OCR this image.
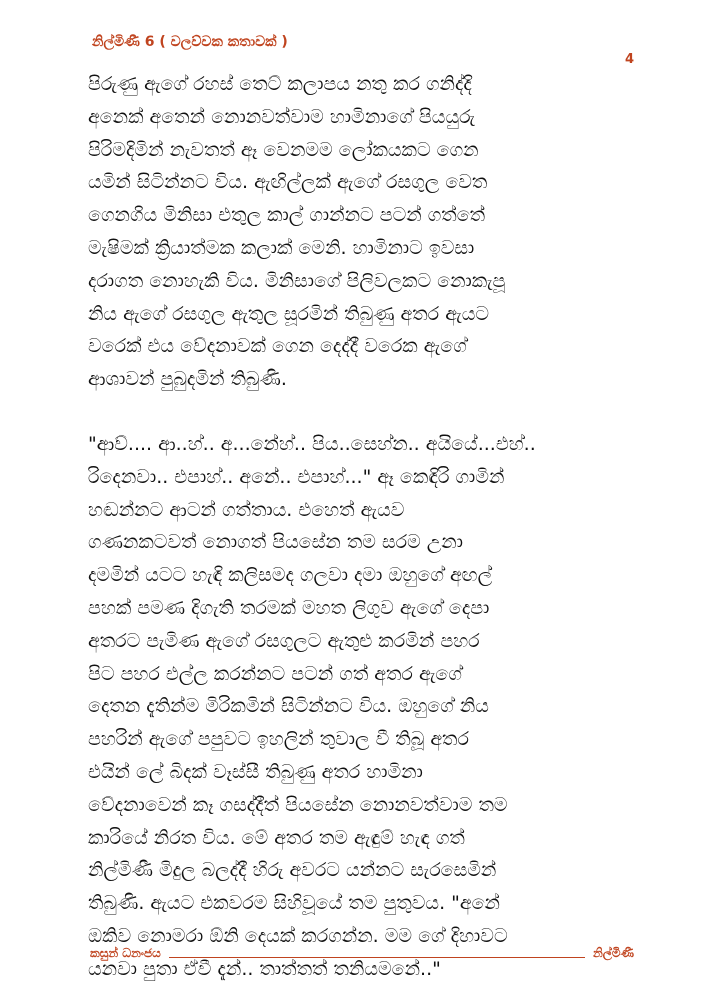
නිල්මිණී 6 ( වලව්වක කතාවක් )
4
පිරුණු ඇගේ රහස් තෙට් කලාපය නතු කර ගනිද්දි
අනෙක් අතෙන් නොනවත්වාම හාමිනාගේ පියයුරු
පිරිමදිමින් නැවතත් ඈ වෙනමම ලෝකයකට ගෙන
යමින් සිටින්නට විය. ඇඟිල්ලක් ඇගේ රසගුල වෙත
ගෙනගිය මිනිසා එතුල කාල් ගාන්නට පටන් ගත්තේ
මැෂිමක් ක්‍රියාත්මක කලාක් මෙනි. හාමිනාට ඉවසා
දරාගත නොහැකි විය. මිනිසාගේ පිලිවලකට නොකැපූ
නිය ඇගේ රසගුල ඇතුල සූරමින් තිබුණු අතර ඇයට
වරෙක් එය වේදනාවක් ගෙන දෙද්දී වරෙක ඇගේ
ආශාවන් පුබුදමින් තිබුණි.
"ආව්.... ආ..හ්.. අ...නේහ්.. පිය..සෙහ්න.. අයියේ...එහ්..
රිදෙනවා.. එපාහ්.. අනේ.. එපාහ්..." ඈ කෙඳිරි ගාමින්
හඬන්නට ආටන් ගත්තාය. එහෙත් ඇයව
ගණනකටවත් නොගත් පියසේන තම සරම උනා
දමමින් යටට හැඳි කලිසමද ගලවා දමා ඔහුගේ අඟල්
පහක් පමණ දිගැති තරමක් මහත ලිගුව ඇගේ දෙපා
අතරට පැමිණ ඇගේ රසගුලට ඇතුළු කරමින් පහර
පිට පහර එල්ල කරන්නට පටන් ගත් අතර ඇගේ
දෙතන දැතින්ම මිරිකමින් සිටින්නට විය. ඔහුගේ නිය
පහරින් ඇගේ පපුවට ඉහලින් තුවාල වී තිබූ අතර
එයින් ලේ බිදක් වෑස්සී තිබුණු අතර හාමිනා
වේදනාවෙන් කෑ ගසද්දීත් පියසේන නොනවත්වාම තම
කාරියේ නිරත විය. මේ අතර තම ඇඳුම් හැඳ ගත්
නිල්මිණී මිදුල බලද්දී හිරු අවරට යන්නට සැරසෙමින්
තිබුණි. ඇයට එකවරම සිහිවූයේ තම පුතුවය. "අනේ
ඔකිව නොමරා ඕනි දෙයක් කරගන්න. මම ගේ දිහාවට
යනවා පුතා ඒවී දැන්.. තාත්තත් තනියමනේ.."
කසුන් ධනංජය	නිල්මිණී
